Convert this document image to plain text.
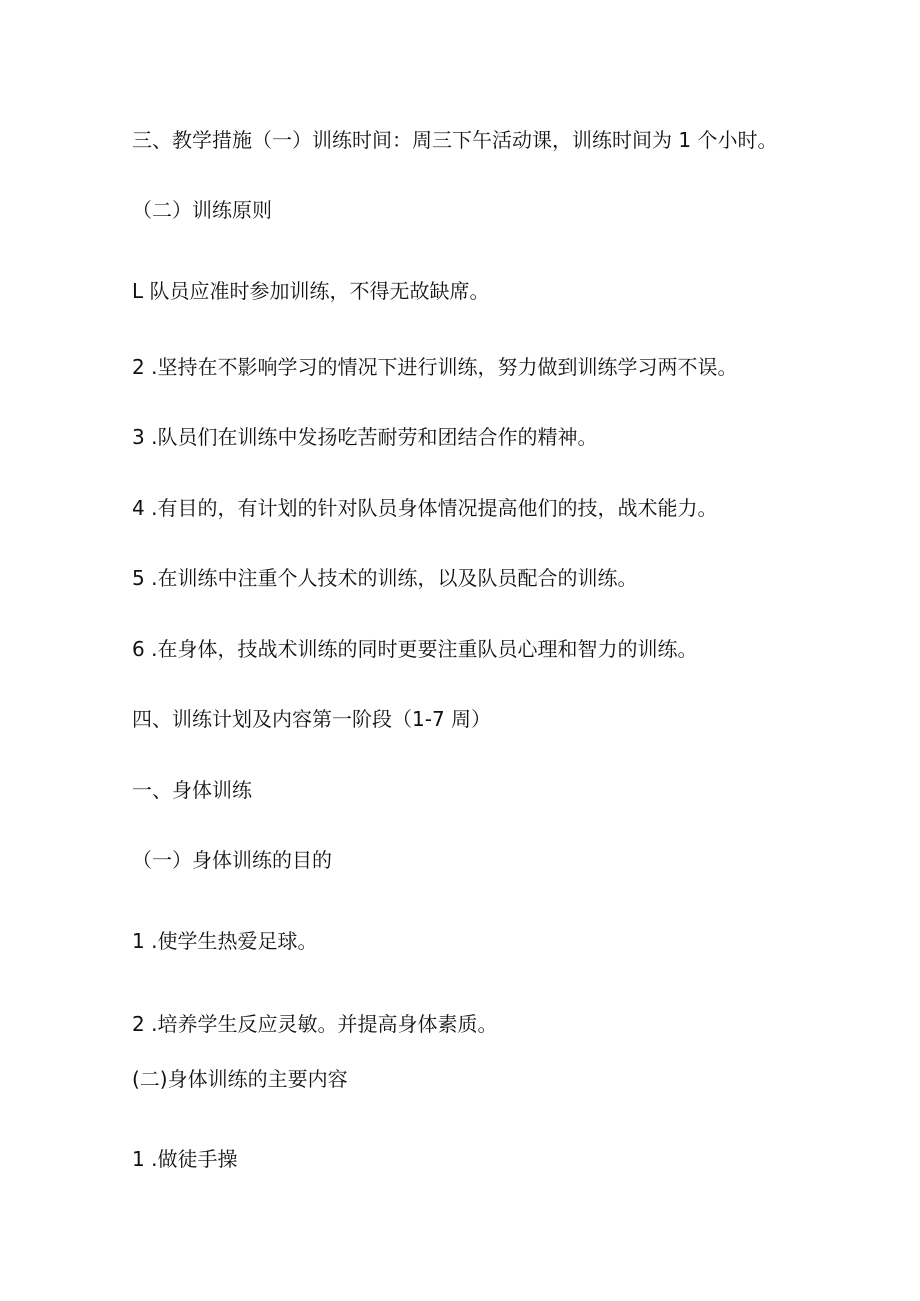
三、教学措施（一）训练时间：周三下午活动课，训练时间为 1 个小时。

（二）训练原则

L 队员应准时参加训练，不得无故缺席。

2 .坚持在不影响学习的情况下进行训练，努力做到训练学习两不误。

3 .队员们在训练中发扬吃苦耐劳和团结合作的精神。

4 .有目的，有计划的针对队员身体情况提高他们的技，战术能力。

5 .在训练中注重个人技术的训练，以及队员配合的训练。

6 .在身体，技战术训练的同时更要注重队员心理和智力的训练。

四、训练计划及内容第一阶段（1-7 周）

一、身体训练

（一）身体训练的目的

1 .使学生热爱足球。

2 .培养学生反应灵敏。并提高身体素质。

(二)身体训练的主要内容

1 .做徒手操
